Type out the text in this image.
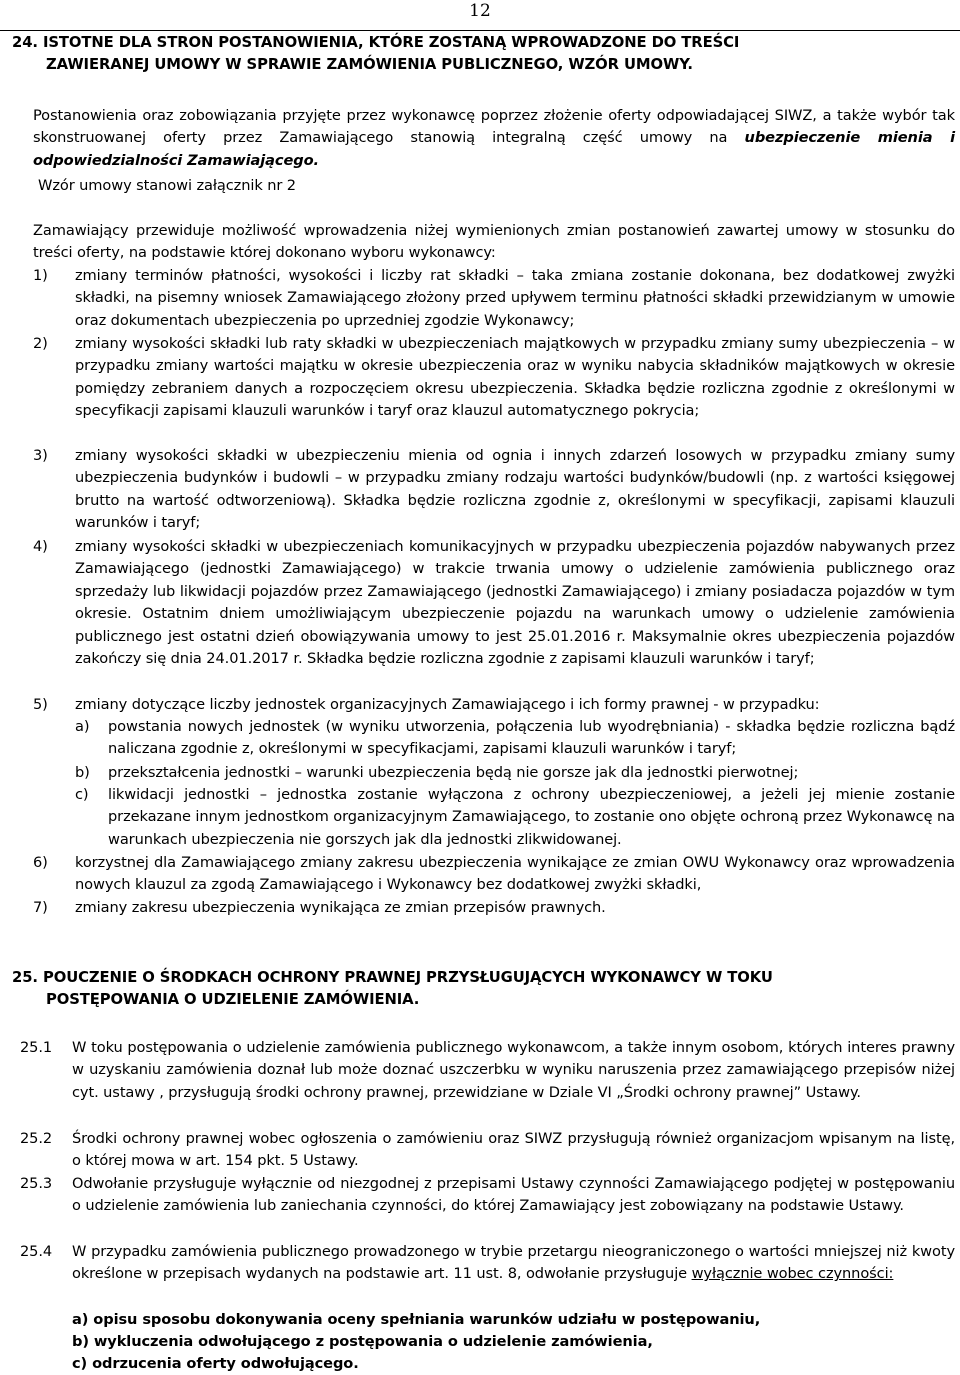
12
24. ISTOTNE DLA STRON POSTANOWIENIA, KTÓRE ZOSTANĄ WPROWADZONE DO TREŚCI
ZAWIERANEJ UMOWY W SPRAWIE ZAMÓWIENIA PUBLICZNEGO, WZÓR UMOWY.
Postanowienia oraz zobowiązania przyjęte przez wykonawcę poprzez złożenie oferty odpowiadającej SIWZ, a także wybór tak skonstruowanej oferty przez Zamawiającego stanowią integralną część umowy na ubezpieczenie mienia i odpowiedzialności Zamawiającego.
Wzór umowy stanowi załącznik nr 2
Zamawiający przewiduje możliwość wprowadzenia niżej wymienionych zmian postanowień zawartej umowy w stosunku do treści oferty, na podstawie której dokonano wyboru wykonawcy:
1)	zmiany terminów płatności, wysokości i liczby rat składki – taka zmiana zostanie dokonana, bez dodatkowej zwyżki składki, na pisemny wniosek Zamawiającego złożony przed upływem terminu płatności składki przewidzianym w umowie oraz dokumentach ubezpieczenia po uprzedniej zgodzie Wykonawcy;
2)	zmiany wysokości składki lub raty składki w ubezpieczeniach majątkowych w przypadku zmiany sumy ubezpieczenia – w przypadku zmiany wartości majątku w okresie ubezpieczenia oraz w wyniku nabycia składników majątkowych w okresie pomiędzy zebraniem danych a rozpoczęciem okresu ubezpieczenia. Składka będzie rozliczna zgodnie z określonymi w specyfikacji zapisami klauzuli warunków i taryf oraz klauzul automatycznego pokrycia;
3)	zmiany wysokości składki w ubezpieczeniu mienia od ognia i innych zdarzeń losowych w przypadku zmiany sumy ubezpieczenia budynków i budowli – w przypadku zmiany rodzaju wartości budynków/budowli (np. z wartości księgowej brutto na wartość odtworzeniową). Składka będzie rozliczna zgodnie z, określonymi w specyfikacji, zapisami klauzuli warunków i taryf;
4)	zmiany wysokości składki w ubezpieczeniach komunikacyjnych w przypadku ubezpieczenia pojazdów nabywanych przez Zamawiającego (jednostki Zamawiającego) w trakcie trwania umowy o udzielenie zamówienia publicznego oraz sprzedaży lub likwidacji pojazdów przez Zamawiającego (jednostki Zamawiającego) i zmiany posiadacza pojazdów w tym okresie. Ostatnim dniem umożliwiającym ubezpieczenie pojazdu na warunkach umowy o udzielenie zamówienia publicznego jest ostatni dzień obowiązywania umowy to jest 25.01.2016 r. Maksymalnie okres ubezpieczenia pojazdów zakończy się dnia 24.01.2017 r. Składka będzie rozliczna zgodnie z zapisami klauzuli warunków i taryf;
5)	zmiany dotyczące liczby jednostek organizacyjnych Zamawiającego i ich formy prawnej - w przypadku:
a)	powstania nowych jednostek (w wyniku utworzenia, połączenia lub wyodrębniania) - składka będzie rozliczna bądź naliczana zgodnie z, określonymi w specyfikacjami, zapisami klauzuli warunków i taryf;
b)	przekształcenia jednostki – warunki ubezpieczenia będą nie gorsze jak dla jednostki pierwotnej;
c)	likwidacji jednostki – jednostka zostanie wyłączona z ochrony ubezpieczeniowej, a jeżeli jej mienie zostanie przekazane innym jednostkom organizacyjnym Zamawiającego, to zostanie ono objęte ochroną przez Wykonawcę na warunkach ubezpieczenia nie gorszych jak dla jednostki zlikwidowanej.
6)	korzystnej dla Zamawiającego zmiany zakresu ubezpieczenia wynikające ze zmian OWU Wykonawcy oraz wprowadzenia nowych klauzul za zgodą Zamawiającego i Wykonawcy bez dodatkowej zwyżki składki,
7)	zmiany zakresu ubezpieczenia wynikająca ze zmian przepisów prawnych.
25. POUCZENIE O ŚRODKACH OCHRONY PRAWNEJ PRZYSŁUGUJĄCYCH WYKONAWCY W TOKU
POSTĘPOWANIA O UDZIELENIE ZAMÓWIENIA.
25.1	W toku postępowania o udzielenie zamówienia publicznego wykonawcom, a także innym osobom, których interes prawny w uzyskaniu zamówienia doznał lub może doznać uszczerbku w wyniku naruszenia przez zamawiającego przepisów niżej cyt. ustawy , przysługują środki ochrony prawnej, przewidziane w Dziale VI „Środki ochrony prawnej” Ustawy.
25.2	Środki ochrony prawnej wobec ogłoszenia o zamówieniu oraz SIWZ przysługują również organizacjom wpisanym na listę, o której mowa w art. 154 pkt. 5 Ustawy.
25.3	Odwołanie przysługuje wyłącznie od niezgodnej z przepisami Ustawy czynności Zamawiającego podjętej w postępowaniu o udzielenie zamówienia lub zaniechania czynności, do której Zamawiający jest zobowiązany na podstawie Ustawy.
25.4	W przypadku zamówienia publicznego prowadzonego w trybie przetargu nieograniczonego o wartości mniejszej niż kwoty określone w przepisach wydanych na podstawie art. 11 ust. 8, odwołanie przysługuje wyłącznie wobec czynności:
a) opisu sposobu dokonywania oceny spełniania warunków udziału w postępowaniu,
b) wykluczenia odwołującego z postępowania o udzielenie zamówienia,
c) odrzucenia oferty odwołującego.
